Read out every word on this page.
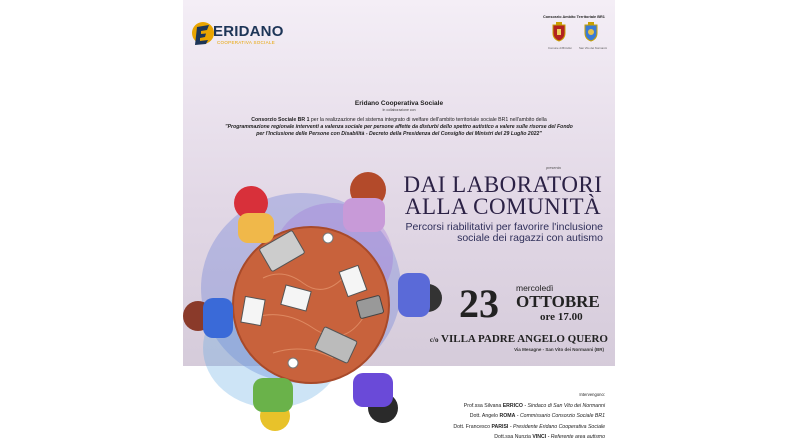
ERIDANO
COOPERATIVA SOCIALE
Consorzio Ambito Territoriale BR1
Comune di Brindisi	San Vito dei Normanni
Eridano Cooperativa Sociale
In collaborazione con
Consorzio Sociale BR 1 per la realizzazione del sistema integrato di welfare dell'ambito territoriale sociale BR1 nell'ambito della
"Programmazione regionale interventi a valenza sociale per persone affette da disturbi dello spettro autistico a valere sulle risorse del Fondo
per l'Inclusione delle Persone con Disabilità - Decreto della Presidenza del Consiglio dei Ministri del 29 Luglio 2022"
presenta
DAI LABORATORI
ALLA COMUNITÀ
Percorsi riabilitativi per favorire l'inclusione
sociale dei ragazzi con autismo
23 mercoledì
OTTOBRE
ore 17.00
c/o VILLA PADRE ANGELO QUERO
Via Mesagne - San Vito dei Normanni (BR)
Intervengono:
Prof.ssa Silvana ERRICO - Sindaco di San Vito dei Normanni
Dott. Angelo ROMA - Commissario Consorzio Sociale BR1
Dott. Francesco PARISI - Presidente Eridano Cooperativa Sociale
Dott.ssa Nunzia VINCI - Referente area autismo
